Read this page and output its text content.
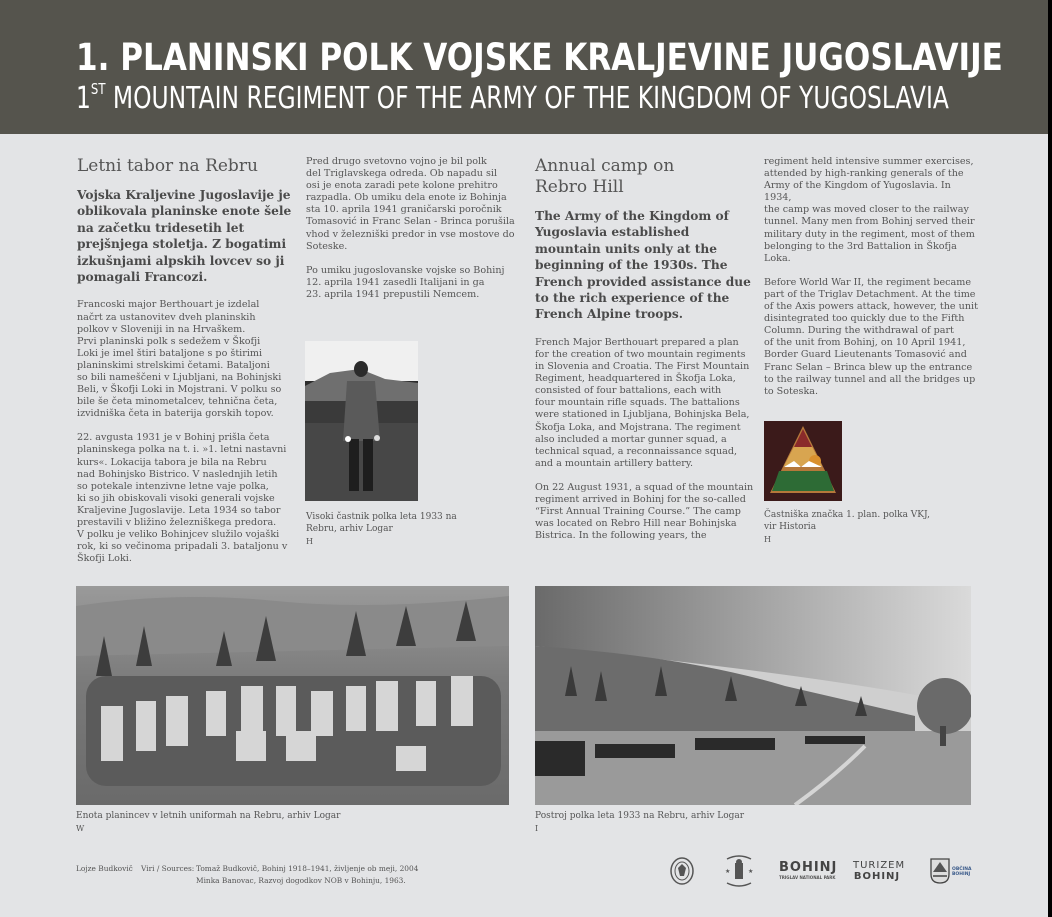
1. PLANINSKI POLK VOJSKE KRALJEVINE JUGOSLAVIJE
1ST MOUNTAIN REGIMENT OF THE ARMY OF THE KINGDOM OF YUGOSLAVIA
Letni tabor na Rebru
Vojska Kraljevine Jugoslavije je oblikovala planinske enote šele na začetku tridesetih let prejšnjega stoletja. Z bogatimi izkušnjami alpskih lovcev so ji pomagali Francozi.
Francoski major Berthouart je izdelal
načrt za ustanovitev dveh planinskih
polkov v Sloveniji in na Hrvaškem.
Prvi planinski polk s sedežem v Škofji
Loki je imel štiri bataljone s po štirimi
planinskimi strelskimi četami. Bataljoni
so bili nameščeni v Ljubljani, na Bohinjski
Beli, v Škofji Loki in Mojstrani. V polku so
bile še četa minometalcev, tehnična četa,
izvidniška četa in baterija gorskih topov.
22. avgusta 1931 je v Bohinj prišla četa
planinskega polka na t. i. »1. letni nastavni
kurs«. Lokacija tabora je bila na Rebru
nad Bohinjsko Bistrico. V naslednjih letih
so potekale intenzivne letne vaje polka,
ki so jih obiskovali visoki generali vojske
Kraljevine Jugoslavije. Leta 1934 so tabor
prestavili v bližino železniškega predora.
V polku je veliko Bohinjcev služilo vojaški
rok, ki so večinoma pripadali 3. bataljonu v
Škofji Loki.
Pred drugo svetovno vojno je bil polk
del Triglavskega odreda. Ob napadu sil
osi je enota zaradi pete kolone prehitro
razpadla. Ob umiku dela enote iz Bohinja
sta 10. aprila 1941 graničarski poročnik
Tomasović in Franc Selan - Brinca porušila
vhod v železniški predor in vse mostove do
Soteske.
Po umiku jugoslovanske vojske so Bohinj
12. aprila 1941 zasedli Italijani in ga
23. aprila 1941 prepustili Nemcem.
Visoki častnik polka leta 1933 na
Rebru, arhiv Logar
H
Annual camp on Rebro Hill
The Army of the Kingdom of Yugoslavia established mountain units only at the beginning of the 1930s. The French provided assistance due to the rich experience of the French Alpine troops.
French Major Berthouart prepared a plan
for the creation of two mountain regiments
in Slovenia and Croatia. The First Mountain
Regiment, headquartered in Škofja Loka,
consisted of four battalions, each with
four mountain rifle squads. The battalions
were stationed in Ljubljana, Bohinjska Bela,
Škofja Loka, and Mojstrana. The regiment
also included a mortar gunner squad, a
technical squad, a reconnaissance squad,
and a mountain artillery battery.
On 22 August 1931, a squad of the mountain
regiment arrived in Bohinj for the so-called
“First Annual Training Course.” The camp
was located on Rebro Hill near Bohinjska
Bistrica. In the following years, the
regiment held intensive summer exercises,
attended by high-ranking generals of the
Army of the Kingdom of Yugoslavia. In 1934,
the camp was moved closer to the railway
tunnel. Many men from Bohinj served their
military duty in the regiment, most of them
belonging to the 3rd Battalion in Škofja
Loka.
Before World War II, the regiment became
part of the Triglav Detachment. At the time
of the Axis powers attack, however, the unit
disintegrated too quickly due to the Fifth
Column. During the withdrawal of part
of the unit from Bohinj, on 10 April 1941,
Border Guard Lieutenants Tomasović and
Franc Selan – Brinca blew up the entrance
to the railway tunnel and all the bridges up
to Soteska.
Častniška značka 1. plan. polka VKJ,
vir Historia
H
Enota planincev v letnih uniformah na Rebru, arhiv Logar
W
Postroj polka leta 1933 na Rebru, arhiv Logar
I
Lojze Budkovič Viri / Sources: Tomaž Budkovič, Bohinj 1918–1941, življenje ob meji, 2004
Minka Banovac, Razvoj dogodkov NOB v Bohinju, 1963.
★	★ BOHINJ
TRIGLAV NATIONAL PARK
TURIZEM
BOHINJ
OBČINA
BOHINJ
